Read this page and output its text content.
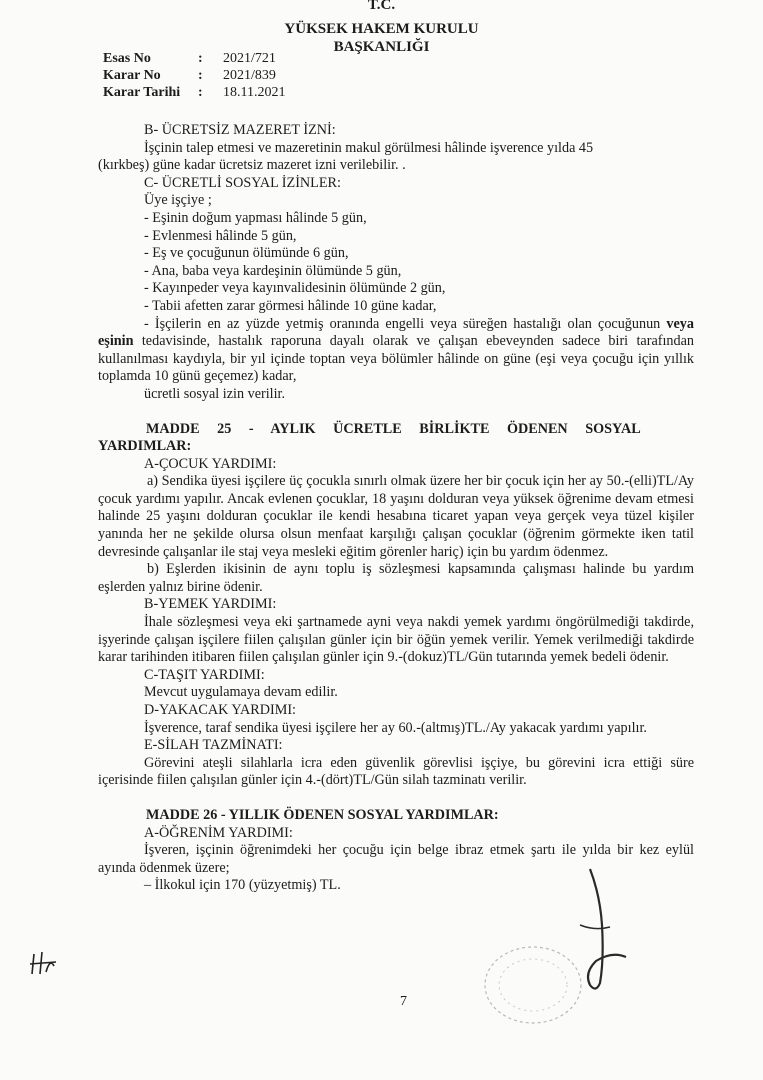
T.C.
YÜKSEK HAKEM KURULU
BAŞKANLIĞI
Esas No	:	2021/721
Karar No	:	2021/839
Karar Tarihi	:	18.11.2021

B- ÜCRETSİZ MAZERET İZNİ:

İşçinin talep etmesi ve mazeretinin makul görülmesi hâlinde işverence yılda 45

(kırkbeş) güne kadar ücretsiz mazeret izni verilebilir. .

C- ÜCRETLİ SOSYAL İZİNLER:

Üye işçiye ;

- Eşinin doğum yapması hâlinde 5 gün,

- Evlenmesi hâlinde 5 gün,

- Eş ve çocuğunun ölümünde 6 gün,

- Ana, baba veya kardeşinin ölümünde 5 gün,

- Kayınpeder veya kayınvalidesinin ölümünde 2 gün,

- Tabii afetten zarar görmesi hâlinde 10 güne kadar,

- İşçilerin en az yüzde yetmiş oranında engelli veya süreğen hastalığı olan çocuğunun veya eşinin tedavisinde, hastalık raporuna dayalı olarak ve çalışan ebeveynden sadece biri tarafından kullanılması kaydıyla, bir yıl içinde toptan veya bölümler hâlinde on güne (eşi veya çocuğu için yıllık toplamda 10 günü geçemez) kadar,

ücretli sosyal izin verilir.

MADDE 25 - AYLIK ÜCRETLE BİRLİKTE ÖDENEN SOSYAL

YARDIMLAR:

A-ÇOCUK YARDIMI:

a) Sendika üyesi işçilere üç çocukla sınırlı olmak üzere her bir çocuk için her ay 50.-(elli)TL/Ay çocuk yardımı yapılır. Ancak evlenen çocuklar, 18 yaşını dolduran veya yüksek öğrenime devam etmesi halinde 25 yaşını dolduran çocuklar ile kendi hesabına ticaret yapan veya gerçek veya tüzel kişiler yanında her ne şekilde olursa olsun menfaat karşılığı çalışan çocuklar (öğrenim görmekte iken tatil devresinde çalışanlar ile staj veya mesleki eğitim görenler hariç) için bu yardım ödenmez.

b) Eşlerden ikisinin de aynı toplu iş sözleşmesi kapsamında çalışması halinde bu yardım eşlerden yalnız birine ödenir.

B-YEMEK YARDIMI:

İhale sözleşmesi veya eki şartnamede ayni veya nakdi yemek yardımı öngörülmediği takdirde, işyerinde çalışan işçilere fiilen çalışılan günler için bir öğün yemek verilir. Yemek verilmediği takdirde karar tarihinden itibaren fiilen çalışılan günler için 9.-(dokuz)TL/Gün tutarında yemek bedeli ödenir.

C-TAŞIT YARDIMI:

Mevcut uygulamaya devam edilir.

D-YAKACAK YARDIMI:

İşverence, taraf sendika üyesi işçilere her ay 60.-(altmış)TL./Ay yakacak yardımı yapılır.

E-SİLAH TAZMİNATI:

Görevini ateşli silahlarla icra eden güvenlik görevlisi işçiye, bu görevini icra ettiği süre içerisinde fiilen çalışılan günler için 4.-(dört)TL/Gün silah tazminatı verilir.

MADDE 26 - YILLIK ÖDENEN SOSYAL YARDIMLAR:

A-ÖĞRENİM YARDIMI:

İşveren, işçinin öğrenimdeki her çocuğu için belge ibraz etmek şartı ile yılda bir kez eylül ayında ödenmek üzere;

– İlkokul için 170 (yüzyetmiş) TL.

7
